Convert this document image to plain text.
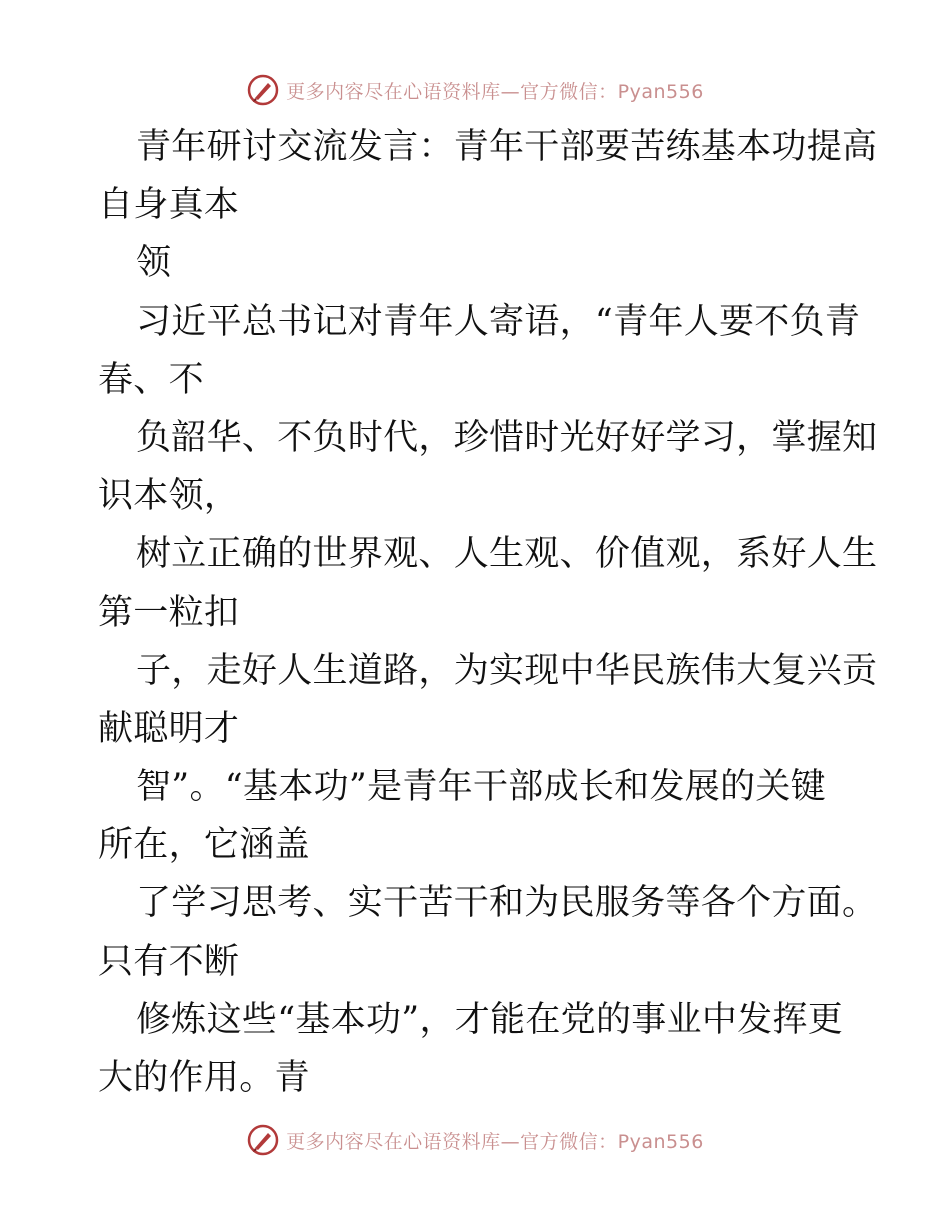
更多内容尽在心语资料库—官方微信：Pyan556
青年研讨交流发言：青年干部要苦练基本功提高
自身真本
领
习近平总书记对青年人寄语，“青年人要不负青
春、不
负韶华、不负时代，珍惜时光好好学习，掌握知
识本领，
树立正确的世界观、人生观、价值观，系好人生
第一粒扣
子，走好人生道路，为实现中华民族伟大复兴贡
献聪明才
智”。“基本功”是青年干部成长和发展的关键
所在，它涵盖
了学习思考、实干苦干和为民服务等各个方面。
只有不断
修炼这些“基本功”，才能在党的事业中发挥更
大的作用。青
更多内容尽在心语资料库—官方微信：Pyan556
